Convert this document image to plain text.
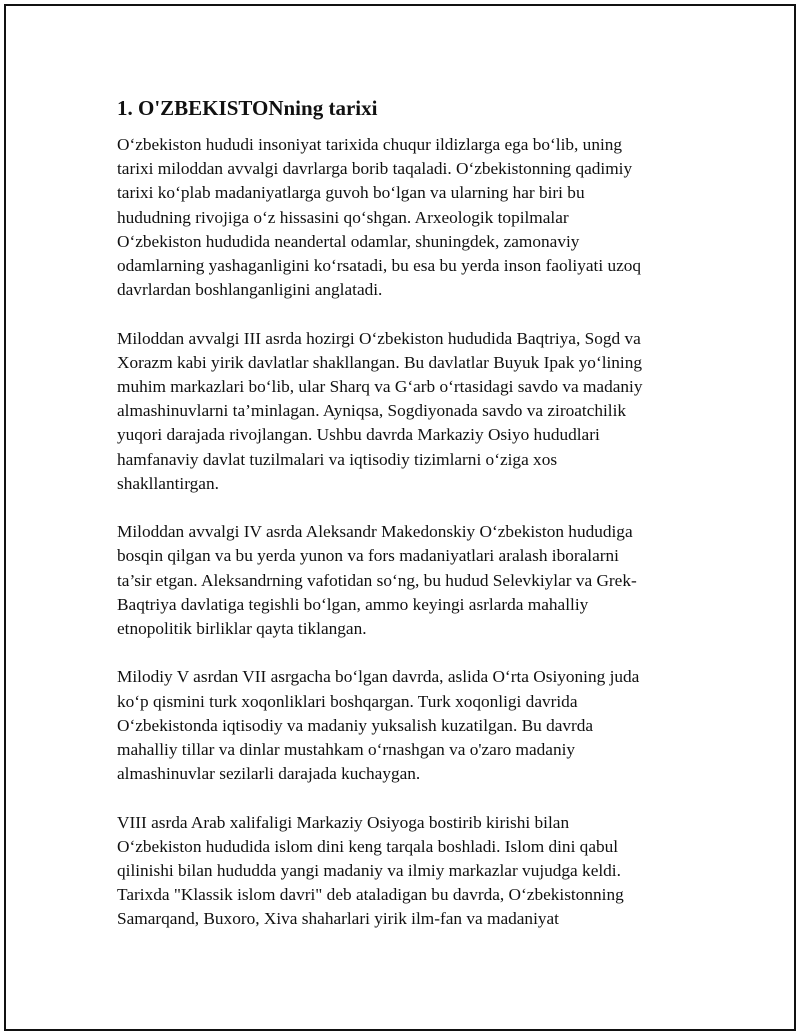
1. O'ZBEKISTONning tarixi

O‘zbekiston hududi insoniyat tarixida chuqur ildizlarga ega bo‘lib, uning
tarixi miloddan avvalgi davrlarga borib taqaladi. O‘zbekistonning qadimiy
tarixi ko‘plab madaniyatlarga guvoh bo‘lgan va ularning har biri bu
hududning rivojiga o‘z hissasini qo‘shgan. Arxeologik topilmalar
O‘zbekiston hududida neandertal odamlar, shuningdek, zamonaviy
odamlarning yashaganligini ko‘rsatadi, bu esa bu yerda inson faoliyati uzoq
davrlardan boshlanganligini anglatadi.

Miloddan avvalgi III asrda hozirgi O‘zbekiston hududida Baqtriya, Sogd va
Xorazm kabi yirik davlatlar shakllangan. Bu davlatlar Buyuk Ipak yo‘lining
muhim markazlari bo‘lib, ular Sharq va G‘arb o‘rtasidagi savdo va madaniy
almashinuvlarni ta’minlagan. Ayniqsa, Sogdiyonada savdo va ziroatchilik
yuqori darajada rivojlangan. Ushbu davrda Markaziy Osiyo hududlari
hamfanaviy davlat tuzilmalari va iqtisodiy tizimlarni o‘ziga xos
shakllantirgan.

Miloddan avvalgi IV asrda Aleksandr Makedonskiy O‘zbekiston hududiga
bosqin qilgan va bu yerda yunon va fors madaniyatlari aralash iboralarni
ta’sir etgan. Aleksandrning vafotidan so‘ng, bu hudud Selevkiylar va Grek-
Baqtriya davlatiga tegishli bo‘lgan, ammo keyingi asrlarda mahalliy
etnopolitik birliklar qayta tiklangan.

Milodiy V asrdan VII asrgacha bo‘lgan davrda, aslida O‘rta Osiyoning juda
ko‘p qismini turk xoqonliklari boshqargan. Turk xoqonligi davrida
O‘zbekistonda iqtisodiy va madaniy yuksalish kuzatilgan. Bu davrda
mahalliy tillar va dinlar mustahkam o‘rnashgan va o'zaro madaniy
almashinuvlar sezilarli darajada kuchaygan.

VIII asrda Arab xalifaligi Markaziy Osiyoga bostirib kirishi bilan
O‘zbekiston hududida islom dini keng tarqala boshladi. Islom dini qabul
qilinishi bilan hududda yangi madaniy va ilmiy markazlar vujudga keldi.
Tarixda "Klassik islom davri" deb ataladigan bu davrda, O‘zbekistonning
Samarqand, Buxoro, Xiva shaharlari yirik ilm-fan va madaniyat
